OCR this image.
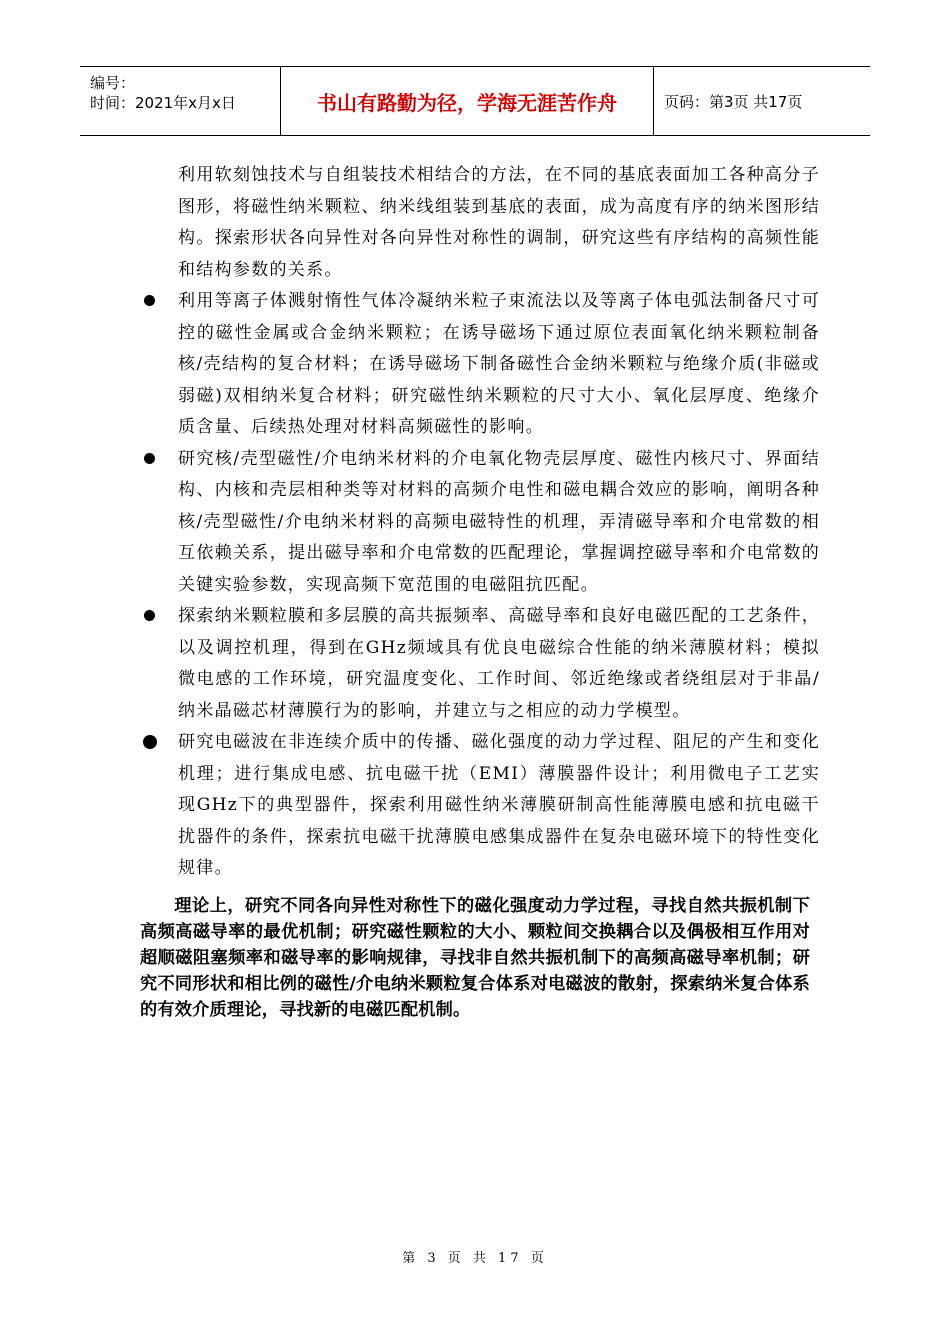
编号：
时间：2021年x月x日	书山有路勤为径，学海无涯苦作舟	页码：第3页 共17页

利用软刻蚀技术与自组装技术相结合的方法，在不同的基底表面加工各种高分子图形，将磁性纳米颗粒、纳米线组装到基底的表面，成为高度有序的纳米图形结构。探索形状各向异性对各向异性对称性的调制，研究这些有序结构的高频性能和结构参数的关系。

利用等离子体溅射惰性气体冷凝纳米粒子束流法以及等离子体电弧法制备尺寸可控的磁性金属或合金纳米颗粒；在诱导磁场下通过原位表面氧化纳米颗粒制备核/壳结构的复合材料；在诱导磁场下制备磁性合金纳米颗粒与绝缘介质(非磁或弱磁)双相纳米复合材料；研究磁性纳米颗粒的尺寸大小、氧化层厚度、绝缘介质含量、后续热处理对材料高频磁性的影响。

研究核/壳型磁性/介电纳米材料的介电氧化物壳层厚度、磁性内核尺寸、界面结构、内核和壳层相种类等对材料的高频介电性和磁电耦合效应的影响，阐明各种核/壳型磁性/介电纳米材料的高频电磁特性的机理，弄清磁导率和介电常数的相互依赖关系，提出磁导率和介电常数的匹配理论，掌握调控磁导率和介电常数的关键实验参数，实现高频下宽范围的电磁阻抗匹配。

探索纳米颗粒膜和多层膜的高共振频率、高磁导率和良好电磁匹配的工艺条件，以及调控机理，得到在GHz频域具有优良电磁综合性能的纳米薄膜材料；模拟微电感的工作环境，研究温度变化、工作时间、邻近绝缘或者绕组层对于非晶/纳米晶磁芯材薄膜行为的影响，并建立与之相应的动力学模型。

研究电磁波在非连续介质中的传播、磁化强度的动力学过程、阻尼的产生和变化机理；进行集成电感、抗电磁干扰（EMI）薄膜器件设计；利用微电子工艺实现GHz下的典型器件，探索利用磁性纳米薄膜研制高性能薄膜电感和抗电磁干扰器件的条件，探索抗电磁干扰薄膜电感集成器件在复杂电磁环境下的特性变化规律。

理论上，研究不同各向异性对称性下的磁化强度动力学过程，寻找自然共振机制下高频高磁导率的最优机制；研究磁性颗粒的大小、颗粒间交换耦合以及偶极相互作用对超顺磁阻塞频率和磁导率的影响规律，寻找非自然共振机制下的高频高磁导率机制；研究不同形状和相比例的磁性/介电纳米颗粒复合体系对电磁波的散射，探索纳米复合体系的有效介质理论，寻找新的电磁匹配机制。

第 3 页 共 17 页
